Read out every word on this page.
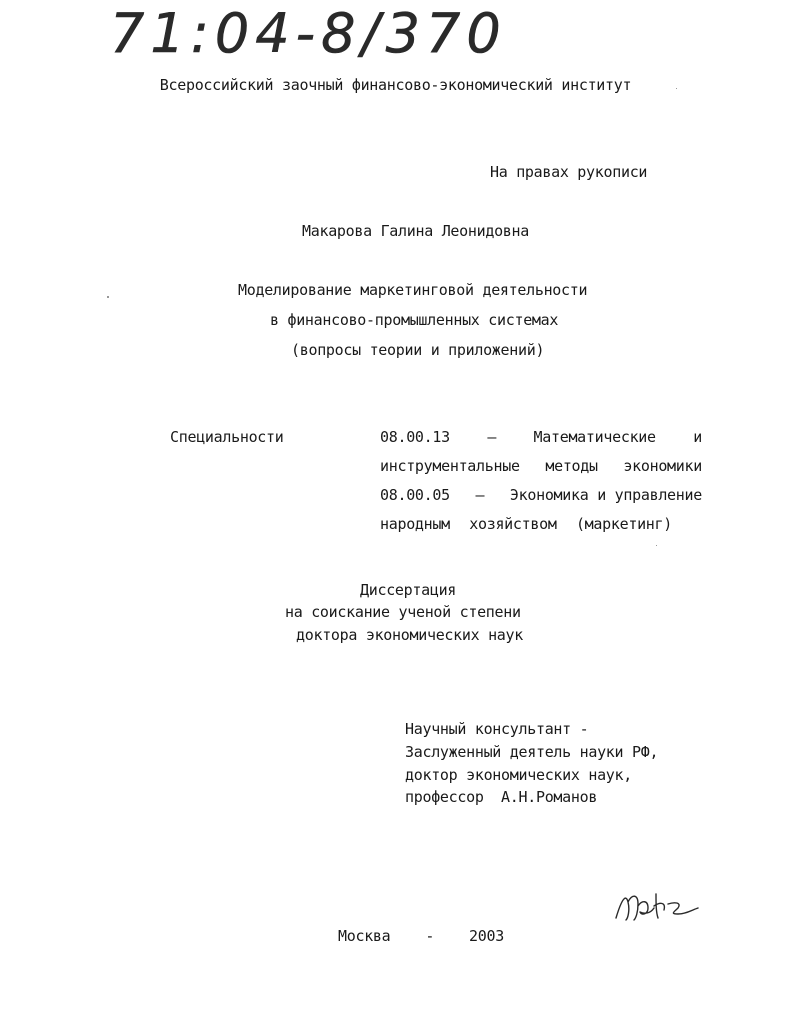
71:04-8/370
Всероссийский заочный финансово-экономический институт
На правах рукописи
Макарова Галина Леонидовна
Моделирование маркетинговой деятельности
в финансово-промышленных системах
(вопросы теории и приложений)
Специальности	08.00.13 – Математические и
инструментальные методы экономики
08.00.05 – Экономика и управление
народным хозяйством (маркетинг)
Диссертация
на соискание ученой степени
доктора экономических наук
Научный консультант -
Заслуженный деятель науки РФ,
доктор экономических наук,
профессор  А.Н.Романов
Москва - 2003
